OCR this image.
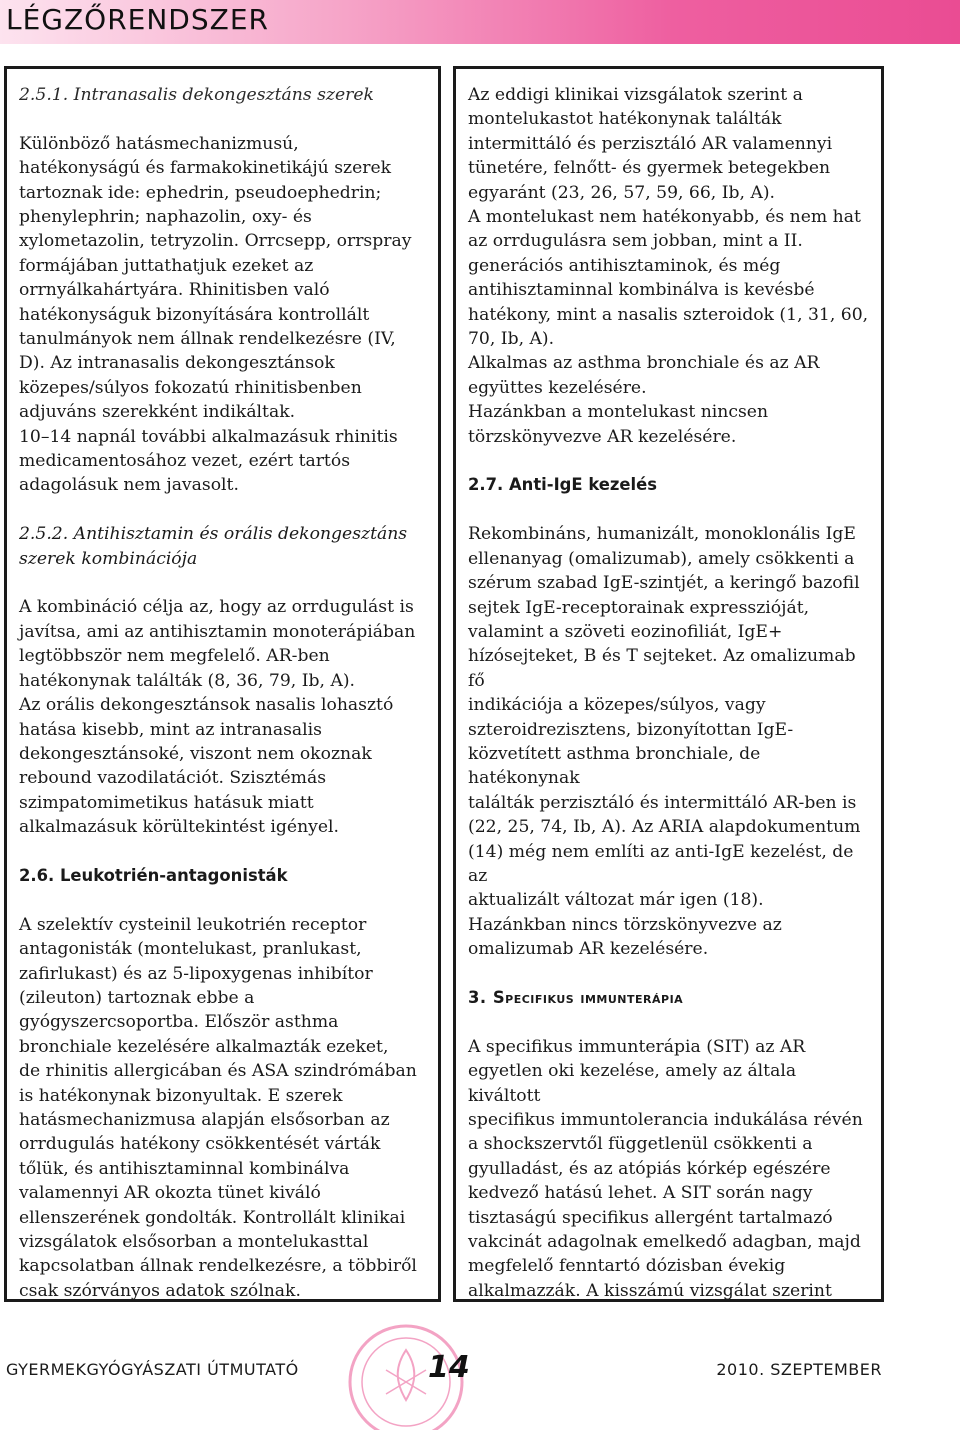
LÉGZŐRENDSZER

2.5.1. Intranasalis dekongesztáns szerek

Különböző hatásmechanizmusú,
hatékonyságú és farmakokinetikájú szerek
tartoznak ide: ephedrin, pseudoephedrin;
phenylephrin; naphazolin, oxy- és
xylometazolin, tetryzolin. Orrcsepp, orrspray
formájában juttathatjuk ezeket az
orrnyálkahártyára. Rhinitisben való
hatékonyságuk bizonyítására kontrollált
tanulmányok nem állnak rendelkezésre (IV,
D). Az intranasalis dekongesztánsok
közepes/súlyos fokozatú rhinitisbenben
adjuváns szerekként indikáltak.
10–14 napnál további alkalmazásuk rhinitis
medicamentosához vezet, ezért tartós
adagolásuk nem javasolt.

2.5.2. Antihisztamin és orális dekongesztáns
szerek kombinációja

A kombináció célja az, hogy az orrdugulást is
javítsa, ami az antihisztamin monoterápiában
legtöbbször nem megfelelő. AR-ben
hatékonynak találták (8, 36, 79, Ib, A).
Az orális dekongesztánsok nasalis lohasztó
hatása kisebb, mint az intranasalis
dekongesztánsoké, viszont nem okoznak
rebound vazodilatációt. Szisztémás
szimpatomimetikus hatásuk miatt
alkalmazásuk körültekintést igényel.

2.6. Leukotrién-antagonisták

A szelektív cysteinil leukotrién receptor
antagonisták (montelukast, pranlukast,
zafirlukast) és az 5-lipoxygenas inhibítor
(zileuton) tartoznak ebbe a
gyógyszercsoportba. Először asthma
bronchiale kezelésére alkalmazták ezeket,
de rhinitis allergicában és ASA szindrómában
is hatékonynak bizonyultak. E szerek
hatásmechanizmusa alapján elsősorban az
orrdugulás hatékony csökkentését várták
tőlük, és antihisztaminnal kombinálva
valamennyi AR okozta tünet kiváló
ellenszerének gondolták. Kontrollált klinikai
vizsgálatok elsősorban a montelukasttal
kapcsolatban állnak rendelkezésre, a többiről
csak szórványos adatok szólnak.

Az eddigi klinikai vizsgálatok szerint a
montelukastot hatékonynak találták
intermittáló és perzisztáló AR valamennyi
tünetére, felnőtt- és gyermek betegekben
egyaránt (23, 26, 57, 59, 66, Ib, A).
A montelukast nem hatékonyabb, és nem hat
az orrdugulásra sem jobban, mint a II.
generációs antihisztaminok, és még
antihisztaminnal kombinálva is kevésbé
hatékony, mint a nasalis szteroidok (1, 31, 60,
70, Ib, A).
Alkalmas az asthma bronchiale és az AR
együttes kezelésére.
Hazánkban a montelukast nincsen
törzskönyvezve AR kezelésére.

2.7. Anti-IgE kezelés

Rekombináns, humanizált, monoklonális IgE
ellenanyag (omalizumab), amely csökkenti a
szérum szabad IgE-szintjét, a keringő bazofil
sejtek IgE-receptorainak expresszióját,
valamint a szöveti eozinofiliát, IgE+
hízósejteket, B és T sejteket. Az omalizumab fő
indikációja a közepes/súlyos, vagy
szteroidrezisztens, bizonyítottan IgE-
közvetített asthma bronchiale, de hatékonynak
találták perzisztáló és intermittáló AR-ben is
(22, 25, 74, Ib, A). Az ARIA alapdokumentum
(14) még nem említi az anti-IgE kezelést, de az
aktualizált változat már igen (18).
Hazánkban nincs törzskönyvezve az
omalizumab AR kezelésére.

3. Specifikus immunterápia

A specifikus immunterápia (SIT) az AR
egyetlen oki kezelése, amely az általa kiváltott
specifikus immuntolerancia indukálása révén
a shockszervtől függetlenül csökkenti a
gyulladást, és az atópiás kórkép egészére
kedvező hatású lehet. A SIT során nagy
tisztaságú specifikus allergént tartalmazó
vakcinát adagolnak emelkedő adagban, majd
megfelelő fenntartó dózisban évekig
alkalmazzák. A kisszámú vizsgálat szerint

GYERMEKGYÓGYÁSZATI ÚTMUTATÓ	14	2010. SZEPTEMBER
